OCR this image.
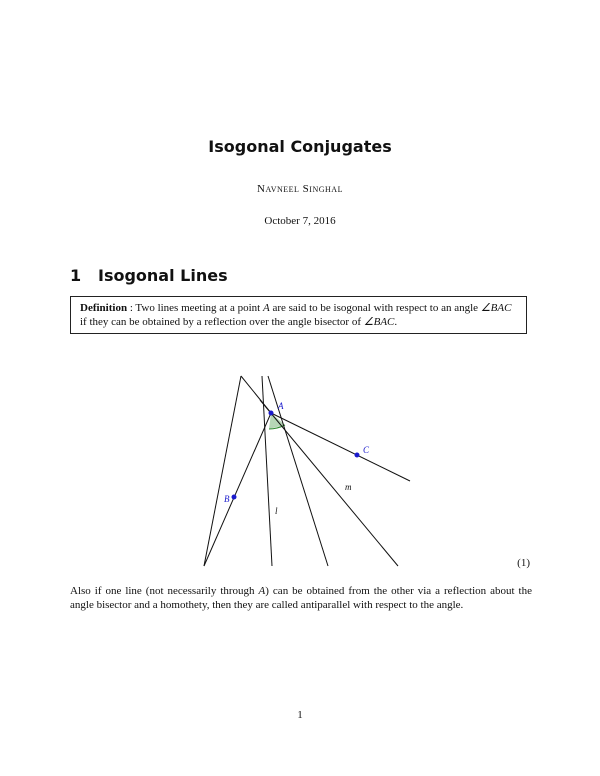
Isogonal Conjugates
Navneel Singhal
October 7, 2016
1 Isogonal Lines
Definition : Two lines meeting at a point A are said to be isogonal with respect to an angle ∠BAC if they can be obtained by a reflection over the angle bisector of ∠BAC.
A
B
C
l
m
(1)
Also if one line (not necessarily through A) can be obtained from the other via a reflection about the angle bisector and a homothety, then they are called antiparallel with respect to the angle.
1
